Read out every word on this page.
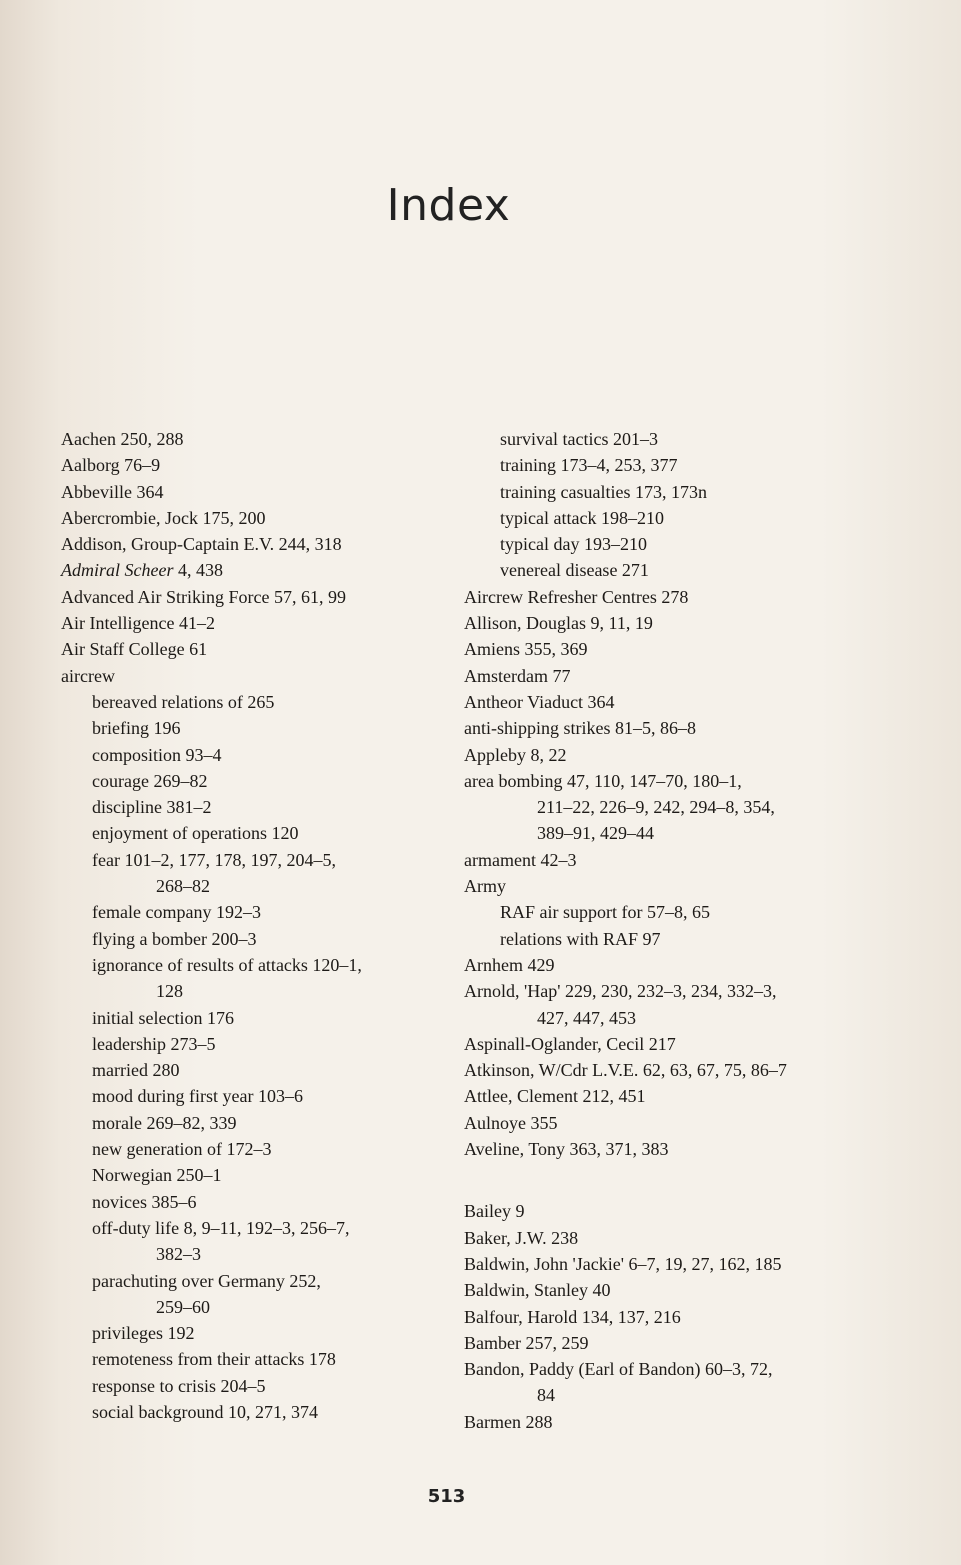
Index
Aachen 250, 288
Aalborg 76–9
Abbeville 364
Abercrombie, Jock 175, 200
Addison, Group-Captain E.V. 244, 318
Admiral Scheer 4, 438
Advanced Air Striking Force 57, 61, 99
Air Intelligence 41–2
Air Staff College 61
aircrew
bereaved relations of 265
briefing 196
composition 93–4
courage 269–82
discipline 381–2
enjoyment of operations 120
fear 101–2, 177, 178, 197, 204–5,
268–82
female company 192–3
flying a bomber 200–3
ignorance of results of attacks 120–1,
128
initial selection 176
leadership 273–5
married 280
mood during first year 103–6
morale 269–82, 339
new generation of 172–3
Norwegian 250–1
novices 385–6
off-duty life 8, 9–11, 192–3, 256–7,
382–3
parachuting over Germany 252,
259–60
privileges 192
remoteness from their attacks 178
response to crisis 204–5
social background 10, 271, 374
survival tactics 201–3
training 173–4, 253, 377
training casualties 173, 173n
typical attack 198–210
typical day 193–210
venereal disease 271
Aircrew Refresher Centres 278
Allison, Douglas 9, 11, 19
Amiens 355, 369
Amsterdam 77
Antheor Viaduct 364
anti-shipping strikes 81–5, 86–8
Appleby 8, 22
area bombing 47, 110, 147–70, 180–1,
211–22, 226–9, 242, 294–8, 354,
389–91, 429–44
armament 42–3
Army
RAF air support for 57–8, 65
relations with RAF 97
Arnhem 429
Arnold, 'Hap' 229, 230, 232–3, 234, 332–3,
427, 447, 453
Aspinall-Oglander, Cecil 217
Atkinson, W/Cdr L.V.E. 62, 63, 67, 75, 86–7
Attlee, Clement 212, 451
Aulnoye 355
Aveline, Tony 363, 371, 383
Bailey 9
Baker, J.W. 238
Baldwin, John 'Jackie' 6–7, 19, 27, 162, 185
Baldwin, Stanley 40
Balfour, Harold 134, 137, 216
Bamber 257, 259
Bandon, Paddy (Earl of Bandon) 60–3, 72,
84
Barmen 288
513
